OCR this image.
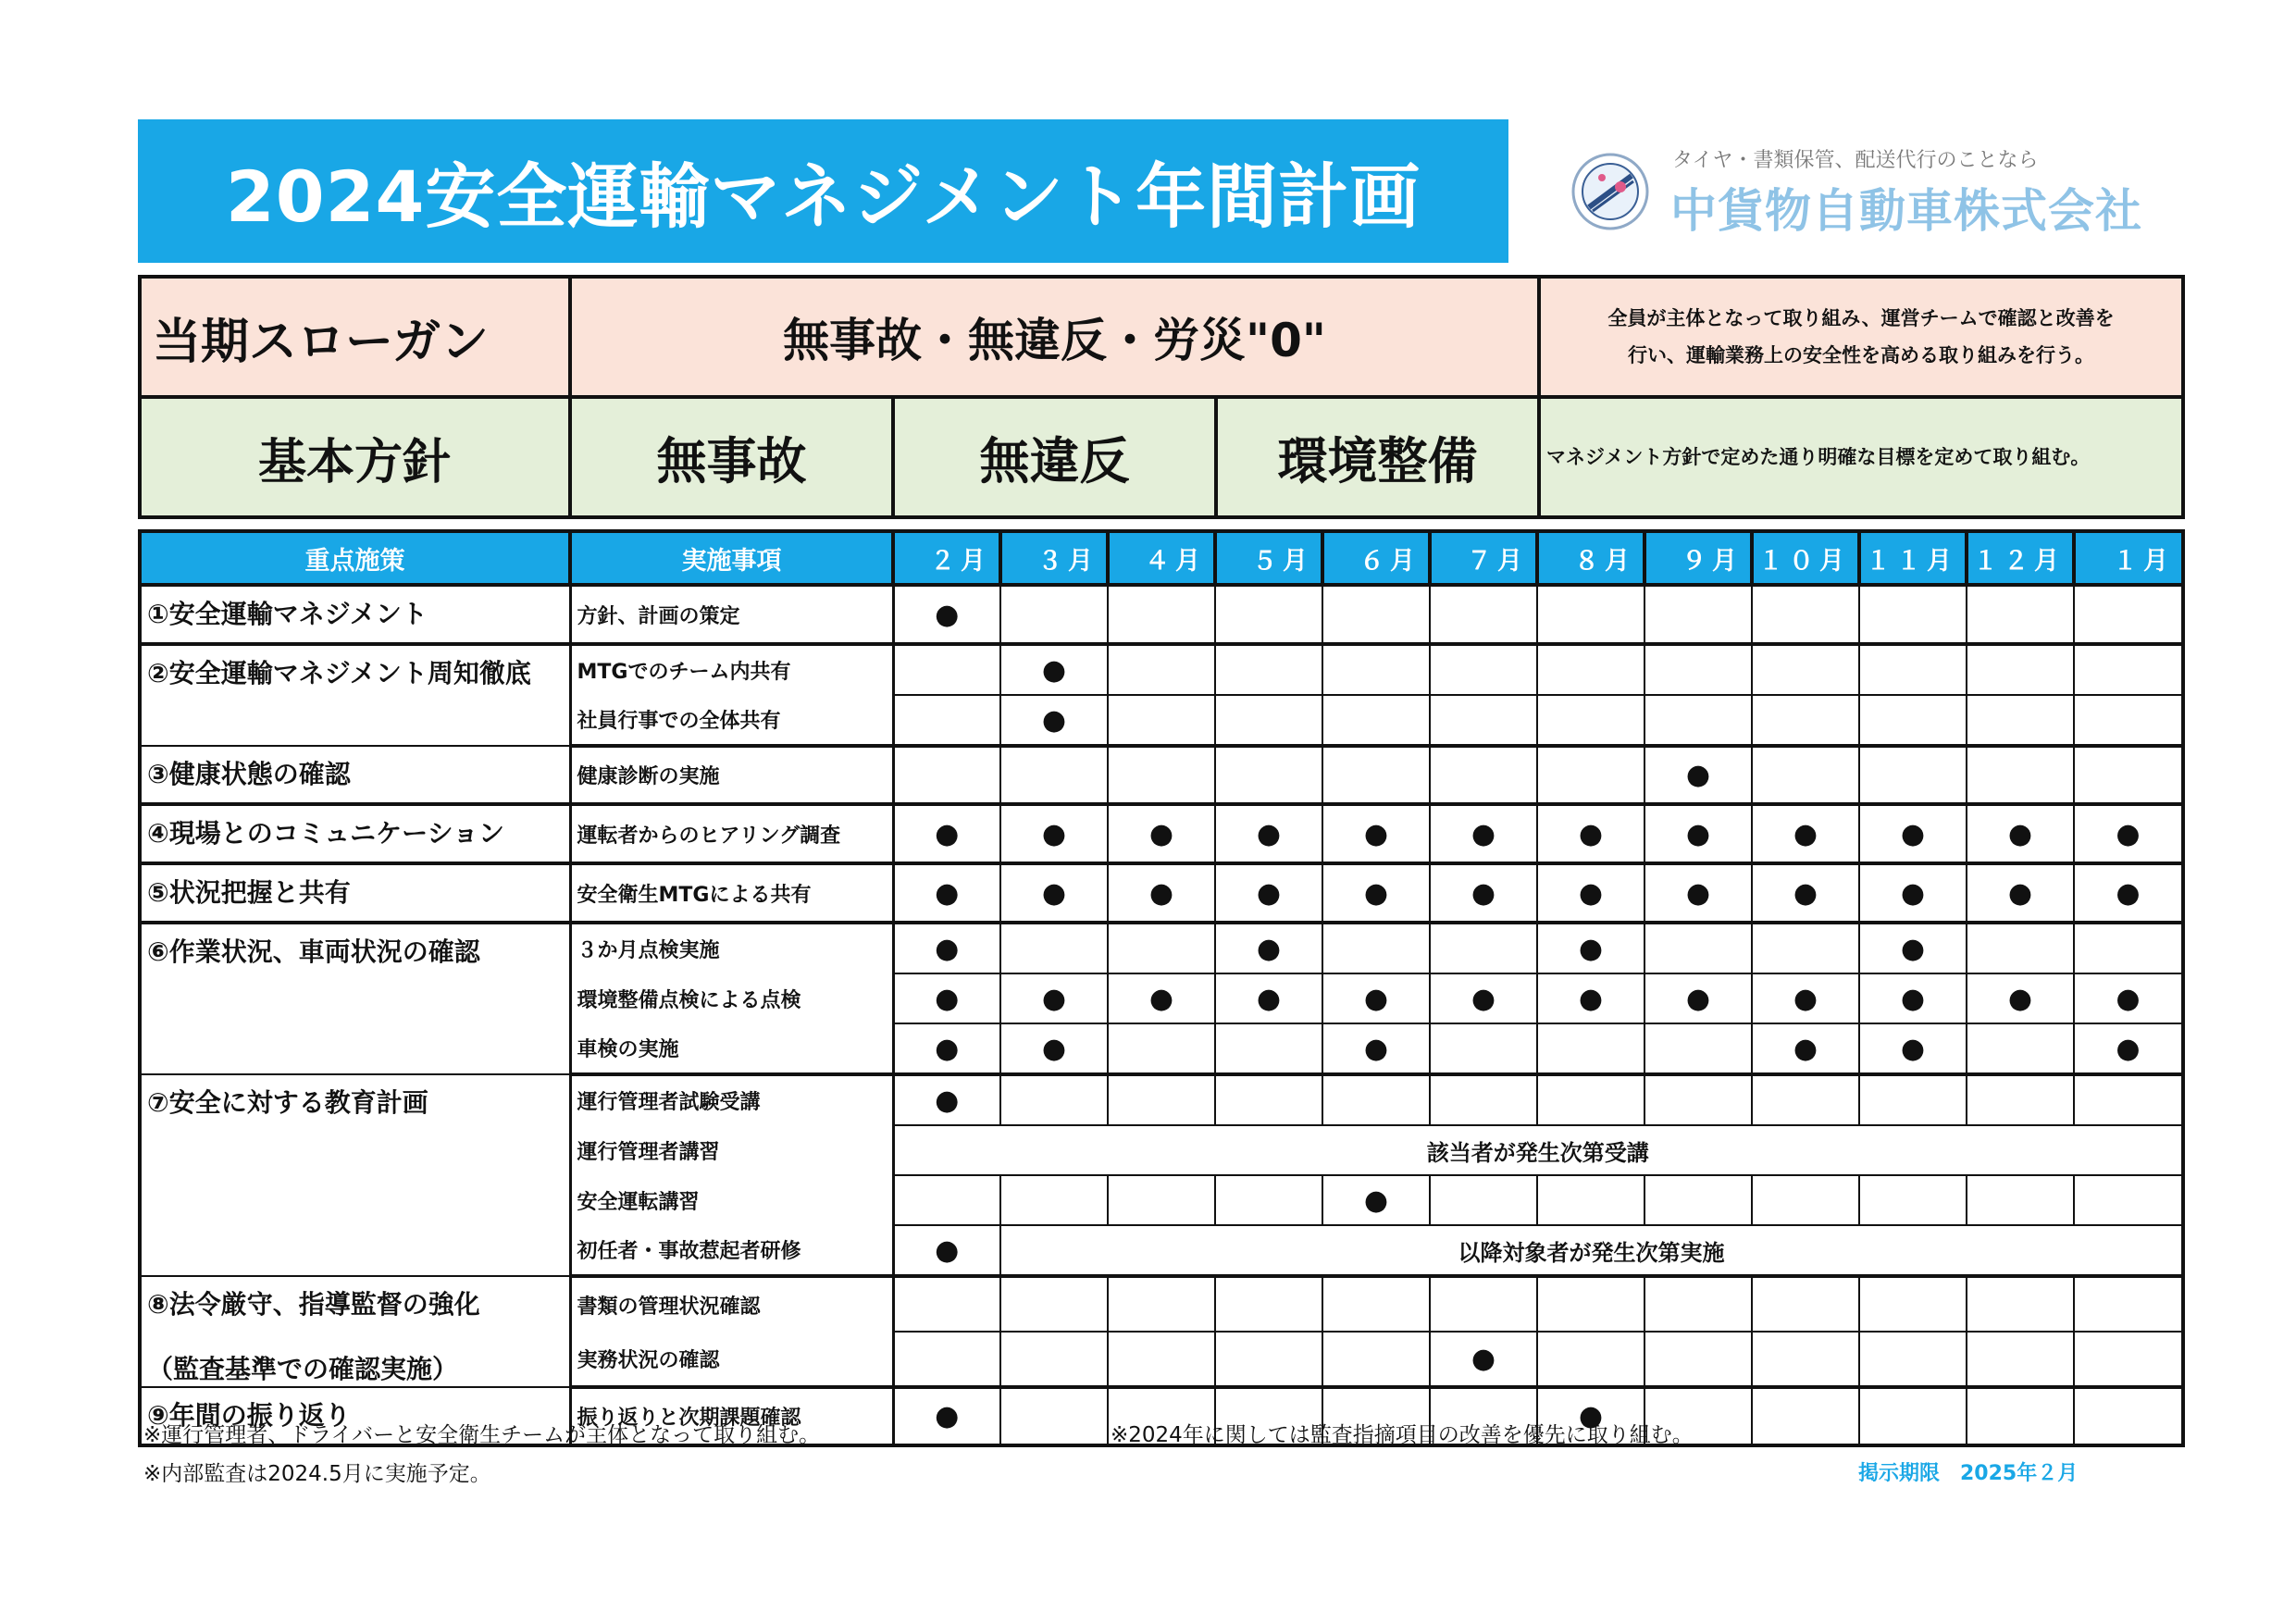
2024安全運輸マネジメント年間計画	タイヤ・書類保管、配送代行のことなら
中貨物自動車株式会社
当期スローガン	無事故・無違反・労災"0"			全員が主体となって取り組み、運営チームで確認と改善を
行い、運輸業務上の安全性を高める取り組みを行う。

基本方針	無事故	無違反	環境整備	マネジメント方針で定めた通り明確な目標を定めて取り組む。
重点施策	実施事項	２月	３月	４月	５月	６月	７月	８月	９月	１０月	１１月	１２月	１月

①安全運輸マネジメント	方針、計画の策定	●											

②安全運輸マネジメント周知徹底	MTGでのチーム内共有		●										
	社員行事での全体共有		●										

③健康状態の確認	健康診断の実施								●				

④現場とのコミュニケーション	運転者からのヒアリング調査	●	●	●	●	●	●	●	●	●	●	●	●

⑤状況把握と共有	安全衛生MTGによる共有	●	●	●	●	●	●	●	●	●	●	●	●

⑥作業状況、車両状況の確認	３か月点検実施	●			●			●			●		
	環境整備点検による点検	●	●	●	●	●	●	●	●	●	●	●	●
	車検の実施	●	●			●				●	●		●

⑦安全に対する教育計画	運行管理者試験受講	●											
	運行管理者講習	該当者が発生次第受講											
	安全運転講習					●							
	初任者・事故惹起者研修	●	以降対象者が発生次第実施										

⑧法令厳守、指導監督の強化
（監査基準での確認実施）	書類の管理状況確認												
	実務状況の確認						●						

⑨年間の振り返り	振り返りと次期課題確認	●						●					
※運行管理者、ドライバーと安全衛生チームが主体となって取り組む。
※内部監査は2024.5月に実施予定。
※2024年に関しては監査指摘項目の改善を優先に取り組む。
掲示期限　2025年２月
